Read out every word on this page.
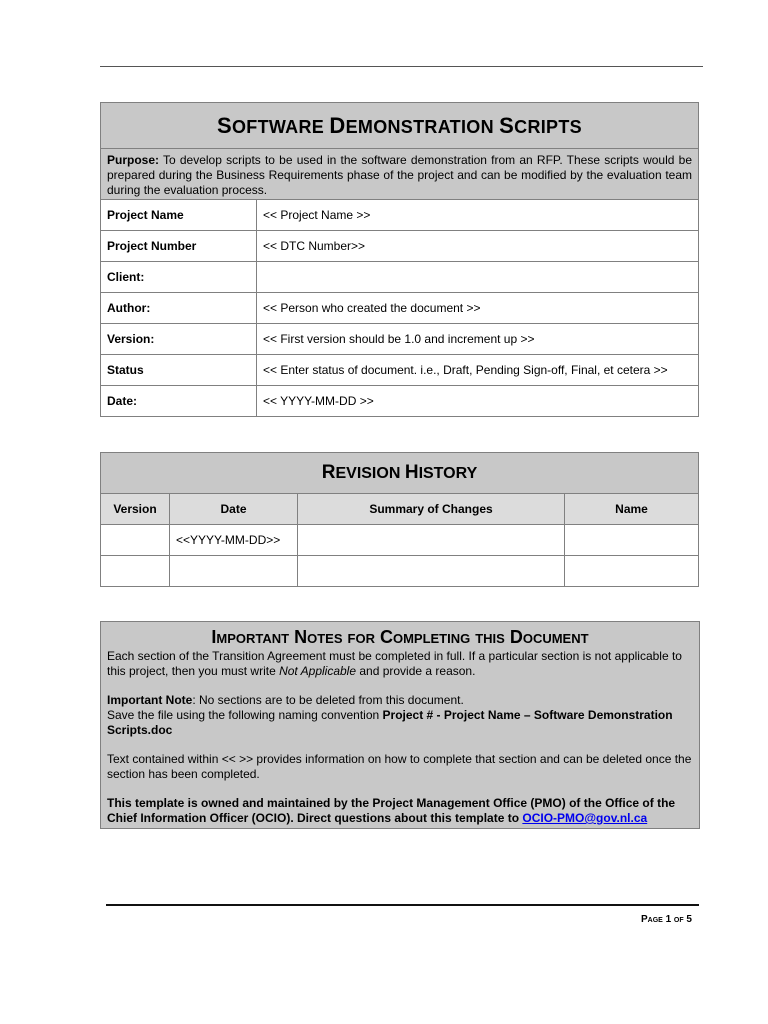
SOFTWARE DEMONSTRATION SCRIPTS	
Purpose: To develop scripts to be used in the software demonstration from an RFP. These scripts would be prepared during the Business Requirements phase of the project and can be modified by the evaluation team during the evaluation process.	
Project Name	<< Project Name >>
Project Number	<< DTC Number>>
Client:	
Author:	<< Person who created the document >>
Version:	<< First version should be 1.0 and increment up >>
Status	<< Enter status of document. i.e., Draft, Pending Sign-off, Final, et cetera >>
Date:	<< YYYY-MM-DD >>
REVISION HISTORY			
Version	Date	Summary of Changes	Name
	<<YYYY-MM-DD>>		

Important Notes for Completing this Document

Each section of the Transition Agreement must be completed in full. If a particular section is not applicable to this project, then you must write Not Applicable and provide a reason.

Important Note: No sections are to be deleted from this document.
Save the file using the following naming convention Project # - Project Name – Software Demonstration Scripts.doc

Text contained within << >> provides information on how to complete that section and can be deleted once the section has been completed.

This template is owned and maintained by the Project Management Office (PMO) of the Office of the Chief Information Officer (OCIO). Direct questions about this template to OCIO-PMO@gov.nl.ca

Page 1 of 5
